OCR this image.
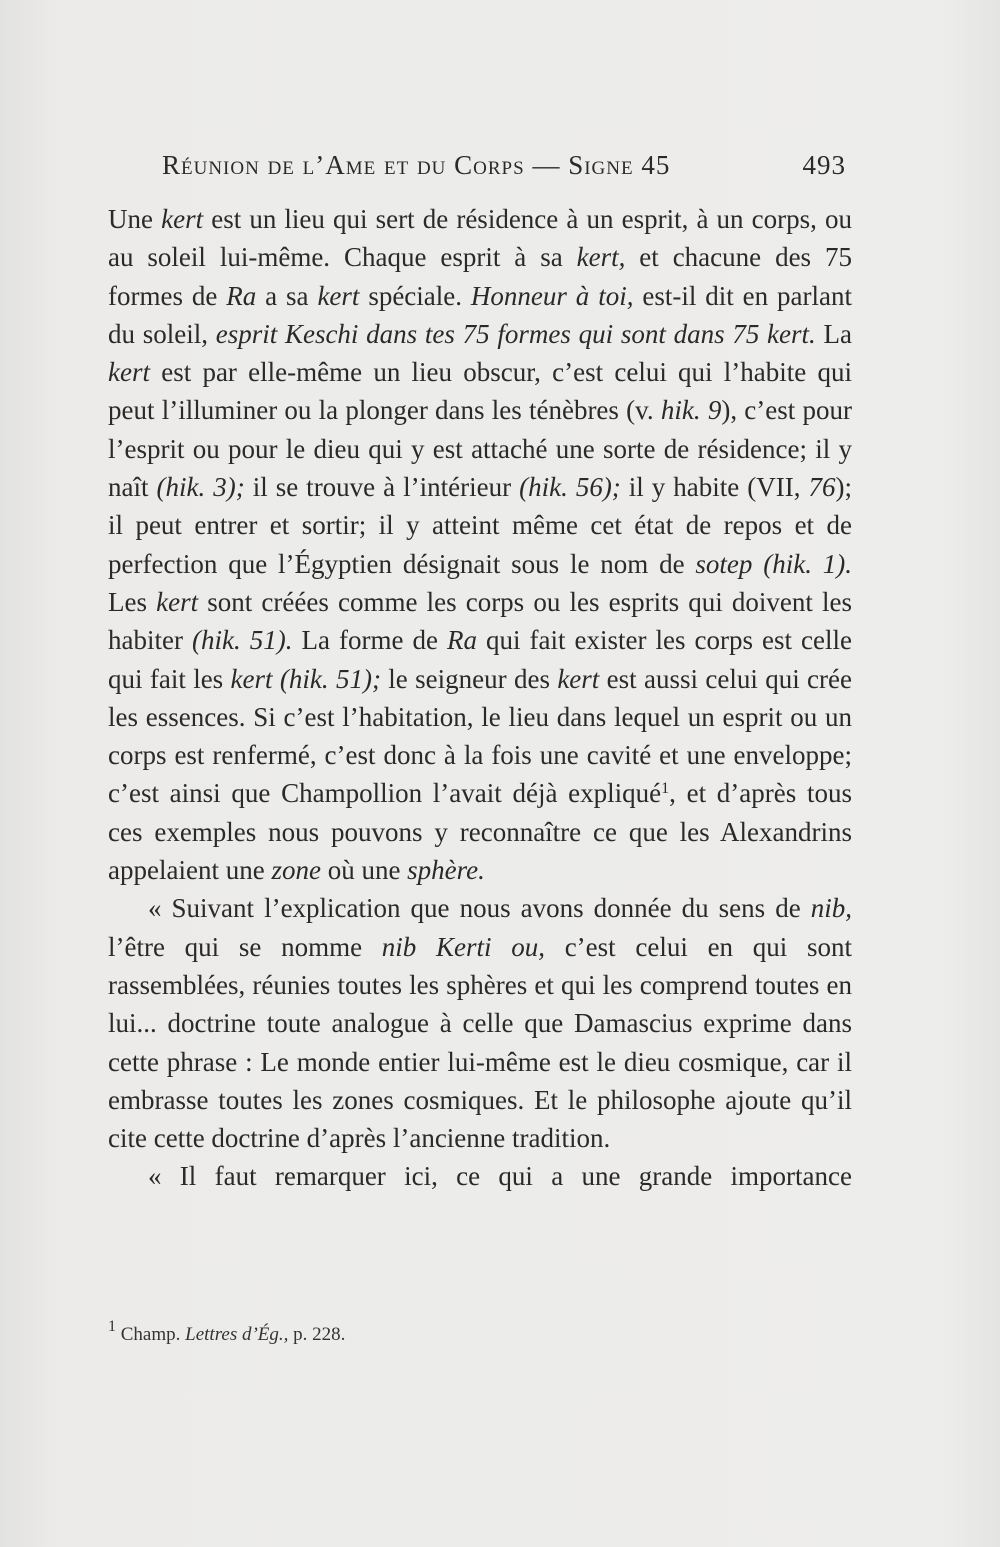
Réunion de l’Ame et du Corps — Signe 45	493

Une kert est un lieu qui sert de résidence à un esprit, à un corps, ou au soleil lui-même. Chaque esprit à sa kert, et chacune des 75 formes de Ra a sa kert spéciale. Honneur à toi, est-il dit en parlant du soleil, esprit Keschi dans tes 75 formes qui sont dans 75 kert. La kert est par elle-même un lieu obscur, c’est celui qui l’habite qui peut l’illuminer ou la plonger dans les ténèbres (v. hik. 9), c’est pour l’esprit ou pour le dieu qui y est attaché une sorte de résidence; il y naît (hik. 3); il se trouve à l’intérieur (hik. 56); il y habite (VII, 76); il peut entrer et sortir; il y atteint même cet état de repos et de perfection que l’Égyptien désignait sous le nom de sotep (hik. 1). Les kert sont créées comme les corps ou les esprits qui doivent les habiter (hik. 51). La forme de Ra qui fait exister les corps est celle qui fait les kert (hik. 51); le seigneur des kert est aussi celui qui crée les essences. Si c’est l’habitation, le lieu dans lequel un esprit ou un corps est renfermé, c’est donc à la fois une cavité et une enveloppe; c’est ainsi que Champollion l’avait déjà expliqué$^1$, et d’après tous ces exemples nous pouvons y reconnaître ce que les Alexandrins appelaient une zone où une sphère.

« Suivant l’explication que nous avons donnée du sens de nib, l’être qui se nomme nib Kerti ou, c’est celui en qui sont rassemblées, réunies toutes les sphères et qui les comprend toutes en lui... doctrine toute analogue à celle que Damascius exprime dans cette phrase : Le monde entier lui-même est le dieu cosmique, car il embrasse toutes les zones cosmiques. Et le philosophe ajoute qu’il cite cette doctrine d’après l’ancienne tradition.

« Il faut remarquer ici, ce qui a une grande importance

$^1$ Champ. Lettres d’Ég., p. 228.
